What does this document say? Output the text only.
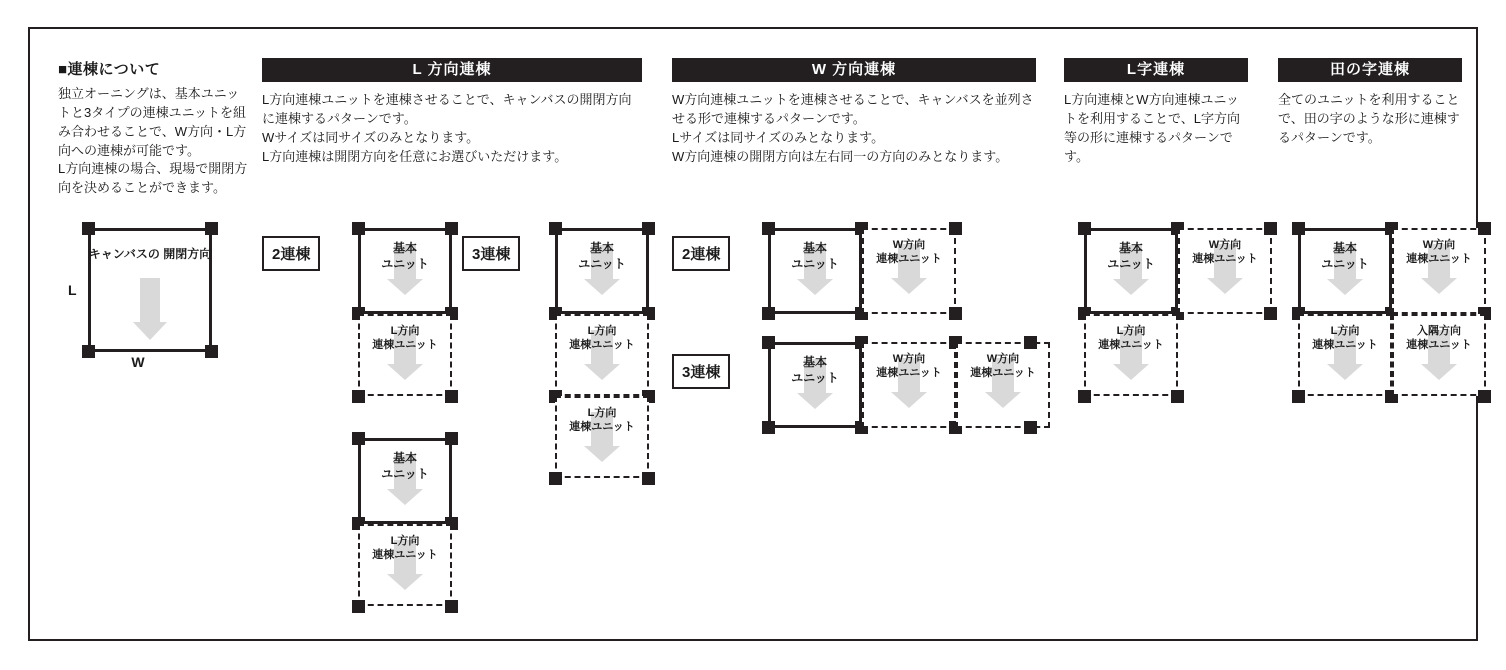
■連棟について

独立オーニングは、基本ユニットと3タイプの連棟ユニットを組み合わせることで、W方向・L方向への連棟が可能です。

L方向連棟の場合、現場で開閉方向を決めることができます。

キャンバスの 開閉方向
L
W
L 方向連棟
L方向連棟ユニットを連棟させることで、キャンバスの開閉方向に連棟するパターンです。
Wサイズは同サイズのみとなります。
L方向連棟は開閉方向を任意にお選びいただけます。
2連棟	基本
ユニット
L方向
連棟ユニット
基本
ユニット
L方向
連棟ユニット
3連棟	基本
ユニット
L方向
連棟ユニット
L方向
連棟ユニット
W 方向連棟
W方向連棟ユニットを連棟させることで、キャンバスを並列させる形で連棟するパターンです。
Lサイズは同サイズのみとなります。
W方向連棟の開閉方向は左右同一の方向のみとなります。
2連棟	基本
ユニット
W方向
連棟ユニット
3連棟
基本
ユニット
W方向
連棟ユニット
W方向
連棟ユニット
L字連棟
L方向連棟とW方向連棟ユニットを利用することで、L字方向等の形に連棟するパターンです。
基本
ユニット
W方向
連棟ユニット
L方向
連棟ユニット
田の字連棟
全てのユニットを利用することで、田の字のような形に連棟するパターンです。
基本
ユニット
W方向
連棟ユニット
L方向
連棟ユニット
入隅方向
連棟ユニット
